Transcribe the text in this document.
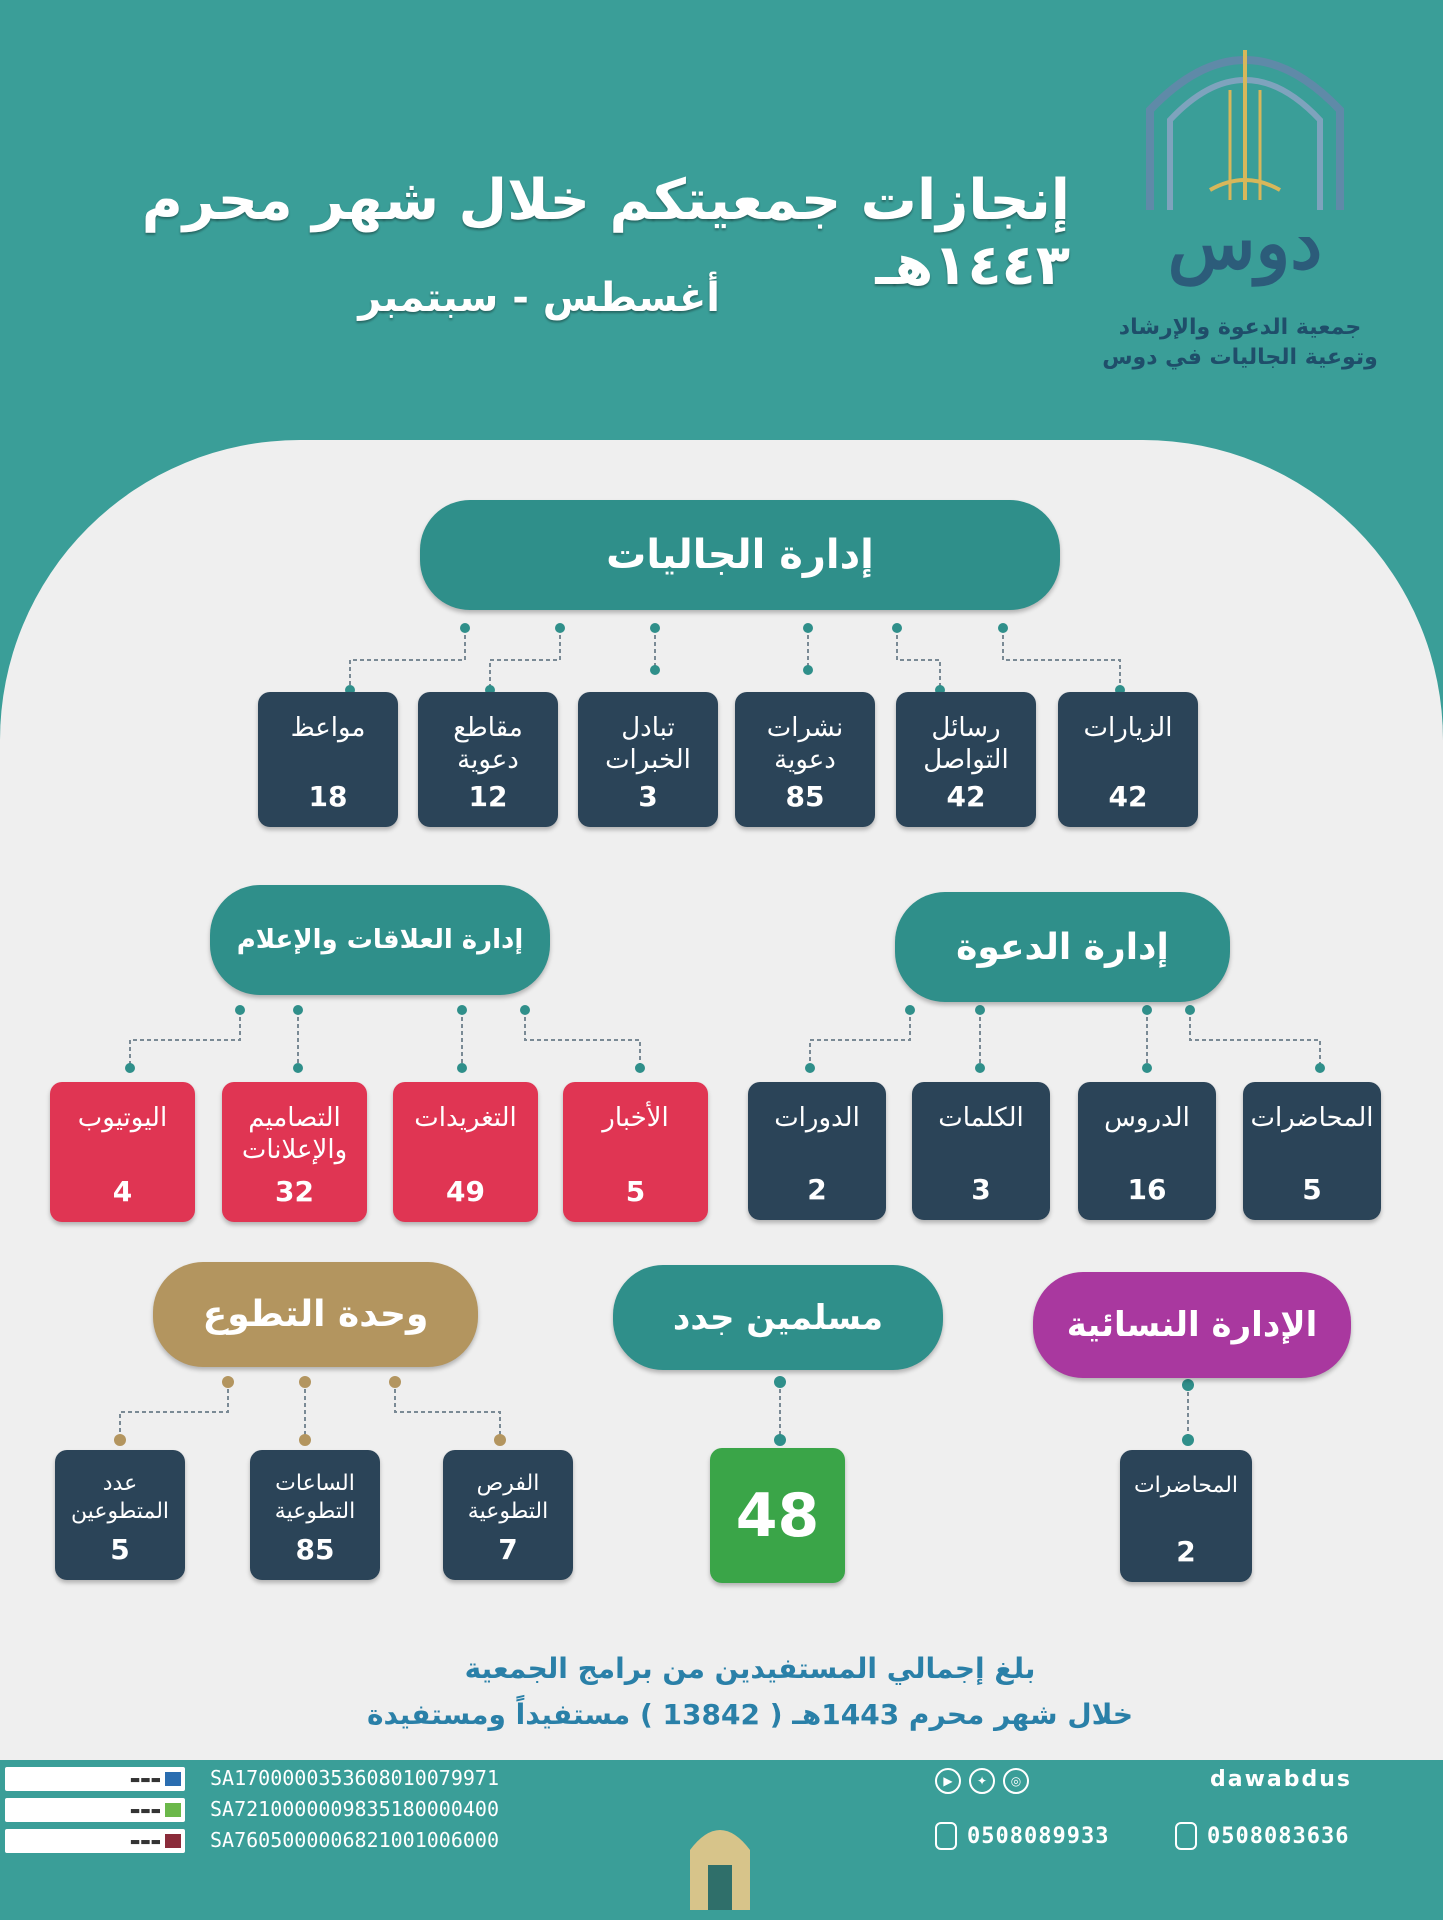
إنجازات جمعيتكم خلال شهر محرم ١٤٤٣هـ
أغسطس - سبتمبر
دوس
جمعية الدعوة والإرشاد
وتوعية الجاليات في دوس
إدارة الجاليات
مواعظ
18
مقاطع
دعوية
12
تبادل
الخبرات
3
نشرات
دعوية
85
رسائل
التواصل
42
الزيارات
42
إدارة العلاقات والإعلام
اليوتيوب
4
التصاميم
والإعلانات
32
التغريدات
49
الأخبار
5
إدارة الدعوة
الدورات
2
الكلمات
3
الدروس
16
المحاضرات
5
وحدة التطوع
عدد
المتطوعين
5
الساعات
التطوعية
85
الفرص
التطوعية
7
مسلمين جدد
48
الإدارة النسائية
المحاضرات
2
بلغ إجمالي المستفيدين من برامج الجمعية
خلال شهر محرم 1443هـ ( 13842 ) مستفيداً ومستفيدة
▬▬▬
▬▬▬
▬▬▬
SA1700000353608010079971
SA7210000009835180000400
SA7605000006821001006000
dawabdus
▶	✦	◎
0508089933	0508083636
